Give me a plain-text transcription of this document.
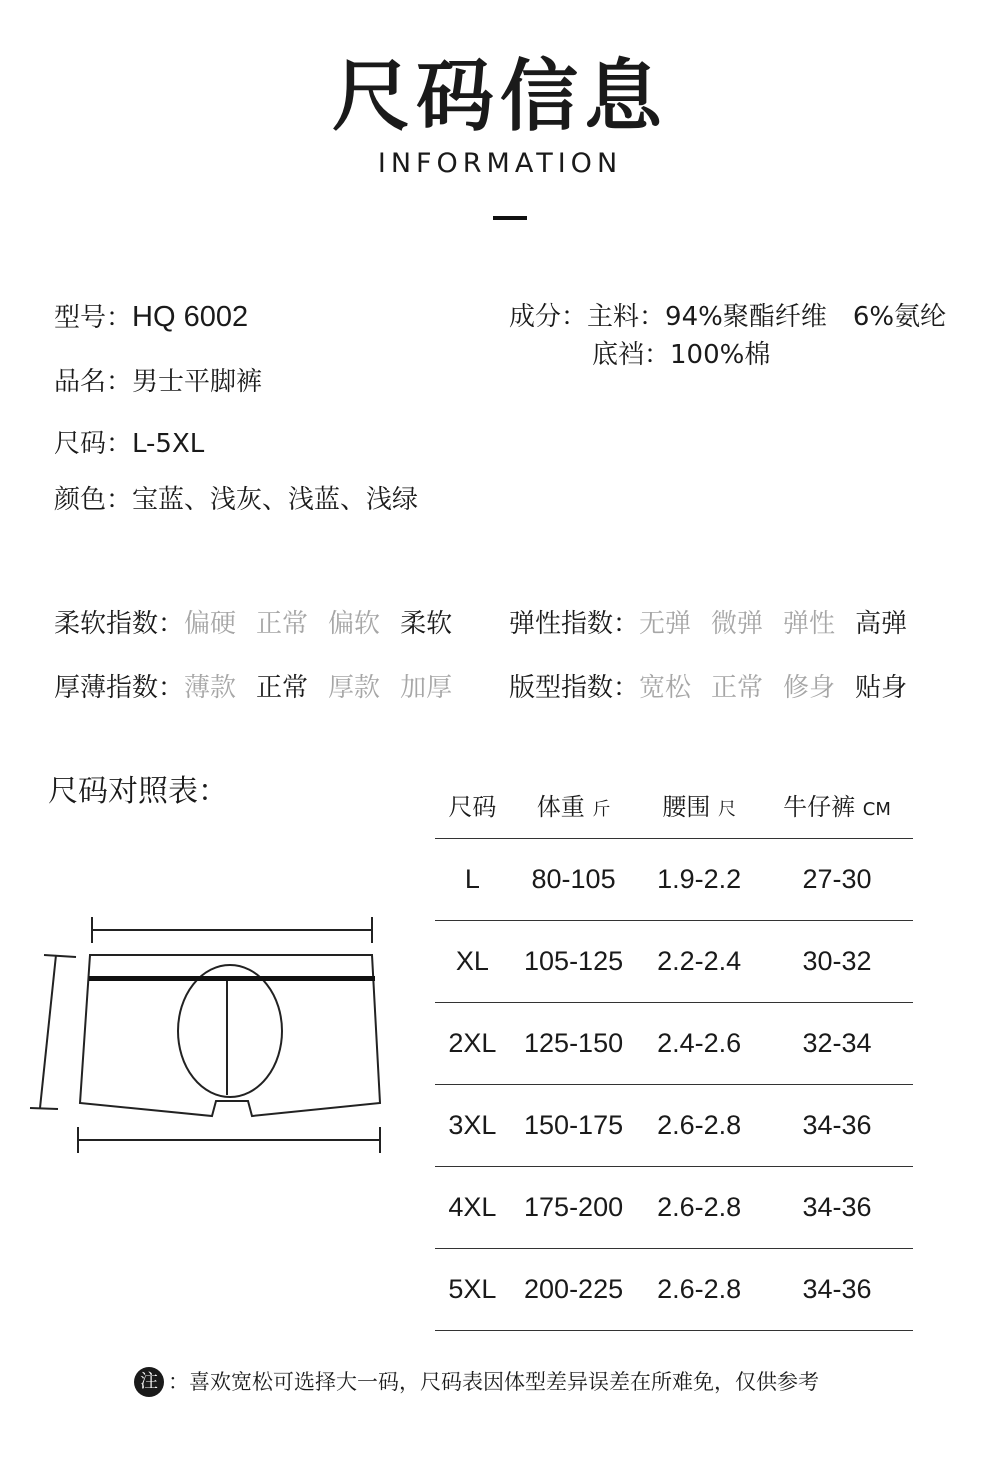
尺码信息
INFORMATION
型号：HQ 6002
品名：男士平脚裤
尺码：L-5XL
颜色：宝蓝、浅灰、浅蓝、浅绿
成分：主料：94%聚酯纤维　6%氨纶
底裆：100%棉
柔软指数： 偏硬 正常 偏软 柔软 弹性指数： 无弹 微弹 弹性 高弹
厚薄指数： 薄款 正常 厚款 加厚 版型指数： 宽松 正常 修身 贴身
尺码对照表：	尺码	体重 斤	腰围 尺	牛仔裤 CM
L	80-105	1.9-2.2	27-30
XL	105-125	2.2-2.4	30-32
2XL	125-150	2.4-2.6	32-34
3XL	150-175	2.6-2.8	34-36
4XL	175-200	2.6-2.8	34-36
5XL	200-225	2.6-2.8	34-36
注 ：喜欢宽松可选择大一码，尺码表因体型差异误差在所难免，仅供参考
